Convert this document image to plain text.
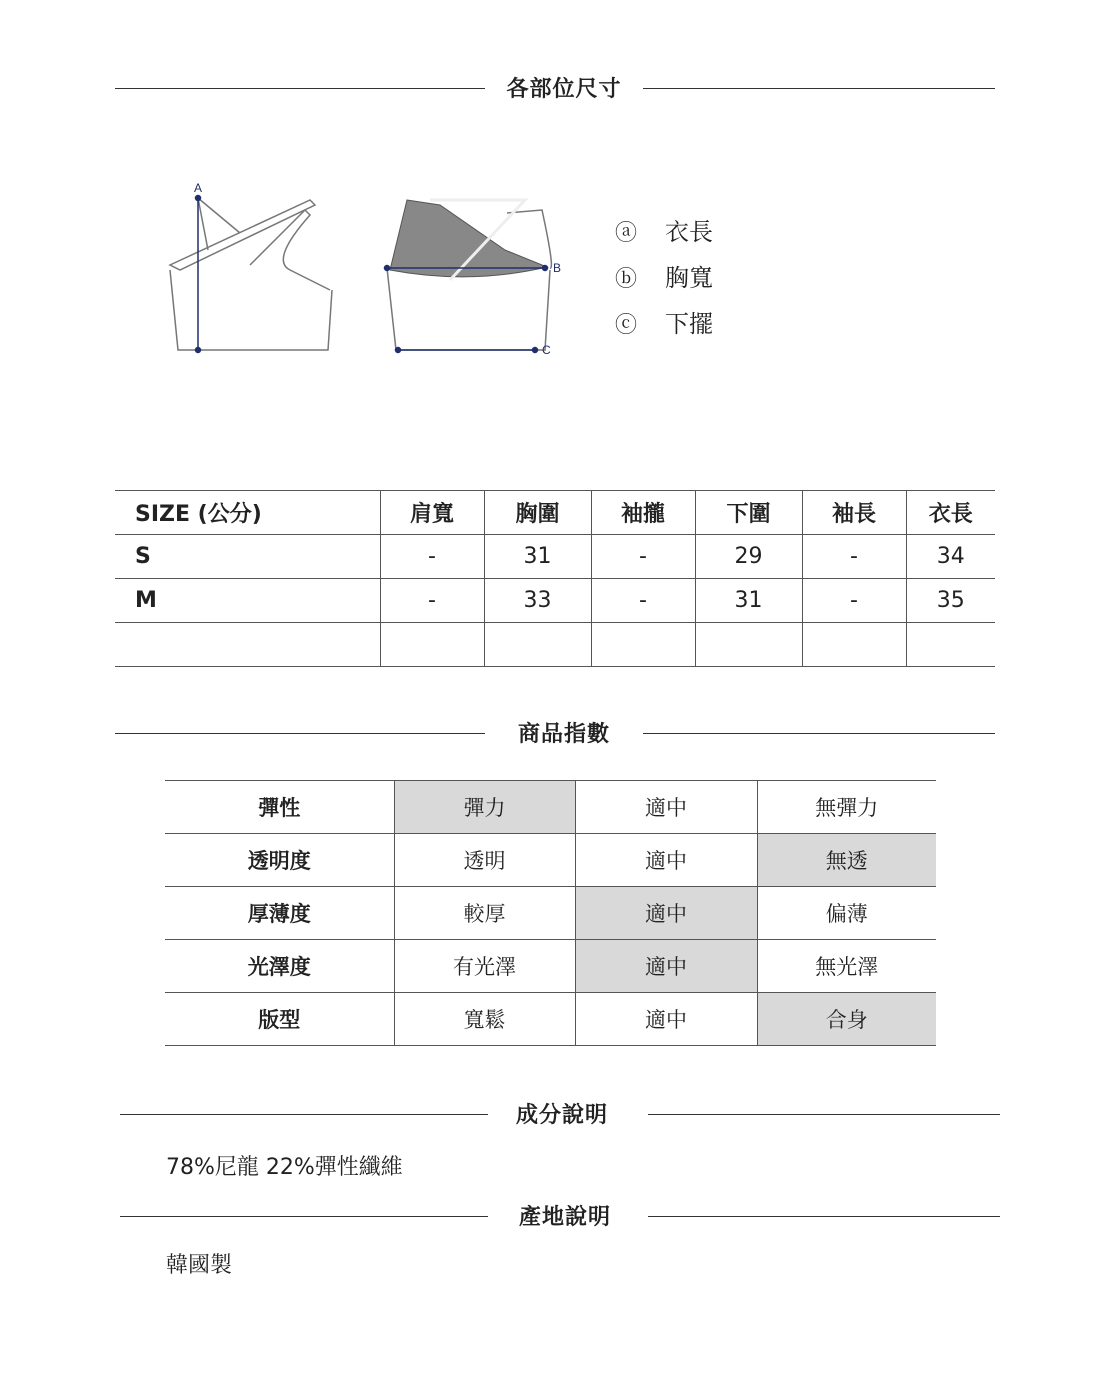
各部位尺寸
A
B
C
ⓐ 衣長
ⓑ 胸寬
ⓒ 下擺
SIZE (公分)	肩寬	胸圍	袖攏	下圍	袖長	衣長
S	-	31	-	29	-	34
M	-	33	-	31	-	35

商品指數
彈性	彈力	適中	無彈力
透明度	透明	適中	無透
厚薄度	較厚	適中	偏薄
光澤度	有光澤	適中	無光澤
版型	寬鬆	適中	合身
成分說明
78%尼龍 22%彈性纖維
產地說明
韓國製
